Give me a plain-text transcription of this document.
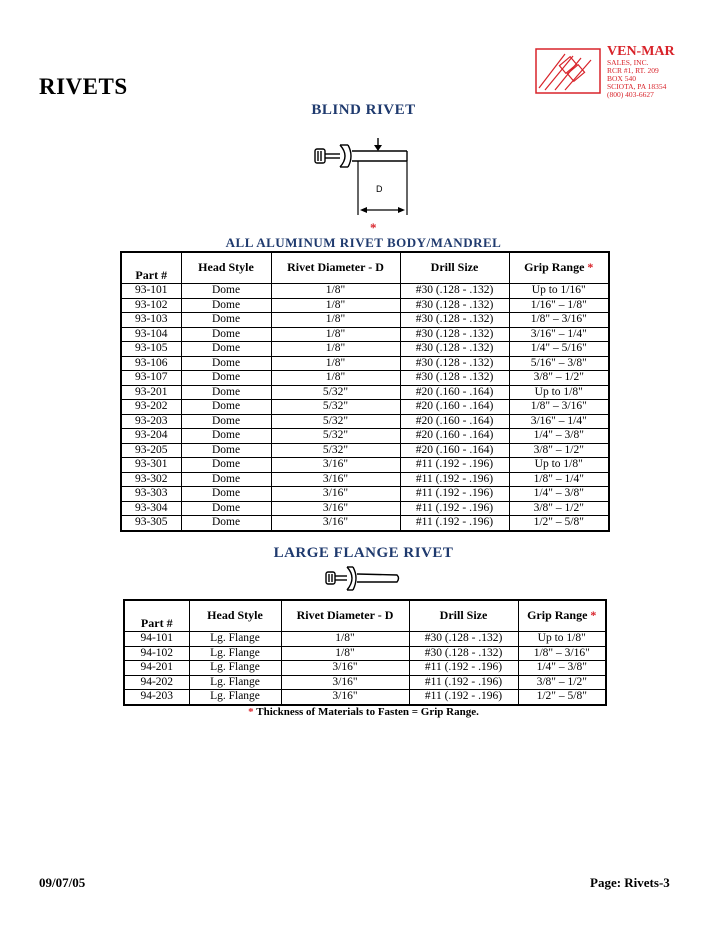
RIVETS
VEN-MAR
SALES, INC.
RCR #1, RT. 209
BOX 540
SCIOTA, PA 18354
(800) 403-6627
BLIND RIVET
D
*
ALL ALUMINUM RIVET BODY/MANDREL
Part #	Head Style	Rivet Diameter - D	Drill Size	Grip Range *
93-101	Dome	1/8"	#30 (.128 - .132)	Up to 1/16"
93-102	Dome	1/8"	#30 (.128 - .132)	1/16" – 1/8"
93-103	Dome	1/8"	#30 (.128 - .132)	1/8" – 3/16"
93-104	Dome	1/8"	#30 (.128 - .132)	3/16" – 1/4"
93-105	Dome	1/8"	#30 (.128 - .132)	1/4" – 5/16"
93-106	Dome	1/8"	#30 (.128 - .132)	5/16" – 3/8"
93-107	Dome	1/8"	#30 (.128 - .132)	3/8" – 1/2"
93-201	Dome	5/32"	#20 (.160 - .164)	Up to 1/8"
93-202	Dome	5/32"	#20 (.160 - .164)	1/8" – 3/16"
93-203	Dome	5/32"	#20 (.160 - .164)	3/16" – 1/4"
93-204	Dome	5/32"	#20 (.160 - .164)	1/4" – 3/8"
93-205	Dome	5/32"	#20 (.160 - .164)	3/8" – 1/2"
93-301	Dome	3/16"	#11 (.192 - .196)	Up to 1/8"
93-302	Dome	3/16"	#11 (.192 - .196)	1/8" – 1/4"
93-303	Dome	3/16"	#11 (.192 - .196)	1/4" – 3/8"
93-304	Dome	3/16"	#11 (.192 - .196)	3/8" – 1/2"
93-305	Dome	3/16"	#11 (.192 - .196)	1/2" – 5/8"
LARGE FLANGE RIVET
Part #	Head Style	Rivet Diameter - D	Drill Size	Grip Range *
94-101	Lg. Flange	1/8"	#30 (.128 - .132)	Up to 1/8"
94-102	Lg. Flange	1/8"	#30 (.128 - .132)	1/8" – 3/16"
94-201	Lg. Flange	3/16"	#11 (.192 - .196)	1/4" – 3/8"
94-202	Lg. Flange	3/16"	#11 (.192 - .196)	3/8" – 1/2"
94-203	Lg. Flange	3/16"	#11 (.192 - .196)	1/2" – 5/8"
* Thickness of Materials to Fasten = Grip Range.
09/07/05	Page: Rivets-3
